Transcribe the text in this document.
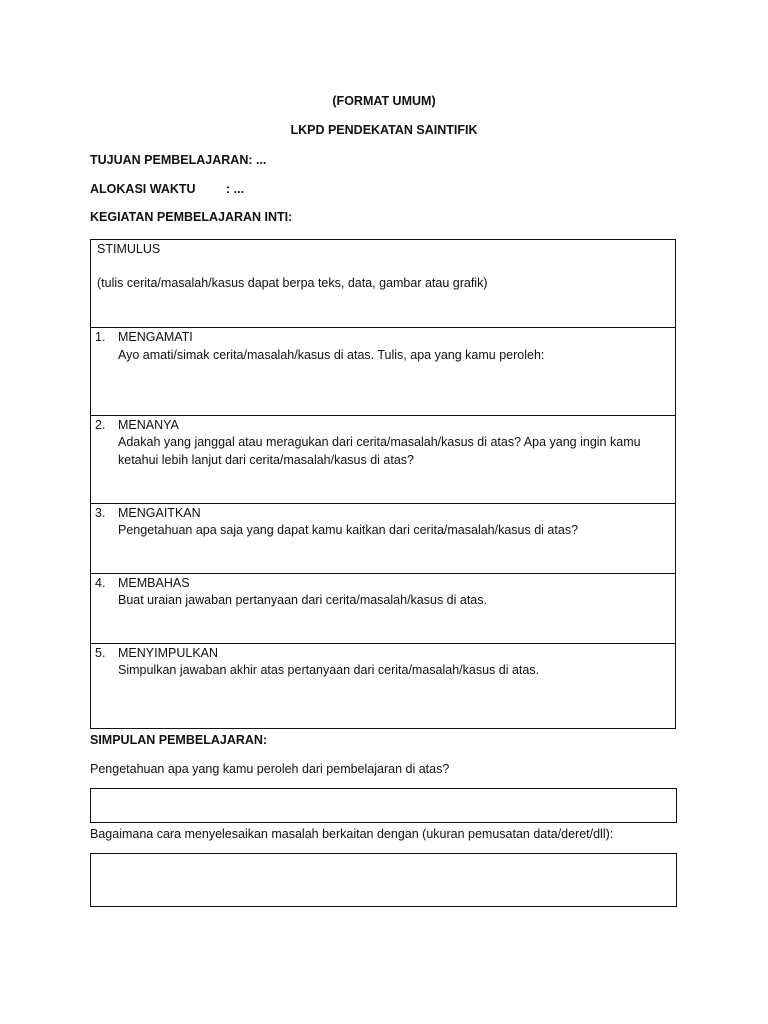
(FORMAT UMUM)
LKPD PENDEKATAN SAINTIFIK
TUJUAN PEMBELAJARAN: ...
ALOKASI WAKTU : ...
KEGIATAN PEMBELAJARAN INTI:
STIMULUS
(tulis cerita/masalah/kasus dapat berpa teks, data, gambar atau grafik)
1. MENGAMATI
Ayo amati/simak cerita/masalah/kasus di atas. Tulis, apa yang kamu peroleh:
2. MENANYA
Adakah yang janggal atau meragukan dari cerita/masalah/kasus di atas? Apa yang ingin kamu
ketahui lebih lanjut dari cerita/masalah/kasus di atas?
3. MENGAITKAN
Pengetahuan apa saja yang dapat kamu kaitkan dari cerita/masalah/kasus di atas?
4. MEMBAHAS
Buat uraian jawaban pertanyaan dari cerita/masalah/kasus di atas.
5. MENYIMPULKAN
Simpulkan jawaban akhir atas pertanyaan dari cerita/masalah/kasus di atas.
SIMPULAN PEMBELAJARAN:
Pengetahuan apa yang kamu peroleh dari pembelajaran di atas?
Bagaimana cara menyelesaikan masalah berkaitan dengan (ukuran pemusatan data/deret/dll):
